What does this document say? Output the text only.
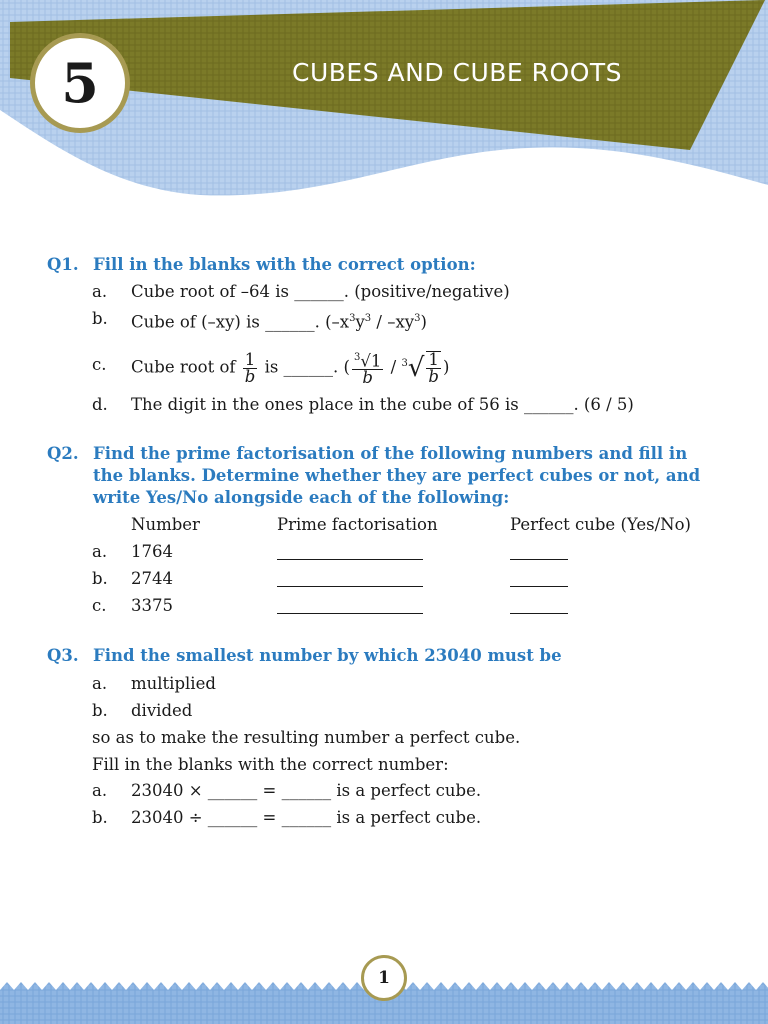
5	CUBES AND CUBE ROOTS
Q1. Fill in the blanks with the correct option:
a. Cube root of –64 is ______. (positive/negative)
b. Cube of (–xy) is ______. $(-x^3y^3 / -xy^3)$
c. Cube root of $\frac{1}{b}$ is ______. ( $\frac{^3√1}{b} / ^3√ \frac{1}{b}$ )
d. The digit in the ones place in the cube of 56 is ______. (6 / 5)
Q2. Find the prime factorisation of the following numbers and fill in the blanks. Determine whether they are perfect cubes or not, and write Yes/No alongside each of the following:
Number	Prime factorisation	Perfect cube (Yes/No)
a. 1764
b. 2744
c. 3375
Q3. Find the smallest number by which 23040 must be
a. multiplied
b. divided
so as to make the resulting number a perfect cube.
Fill in the blanks with the correct number:
a. 23040 × ______ = ______ is a perfect cube.
b. 23040 ÷ ______ = ______ is a perfect cube.
1
